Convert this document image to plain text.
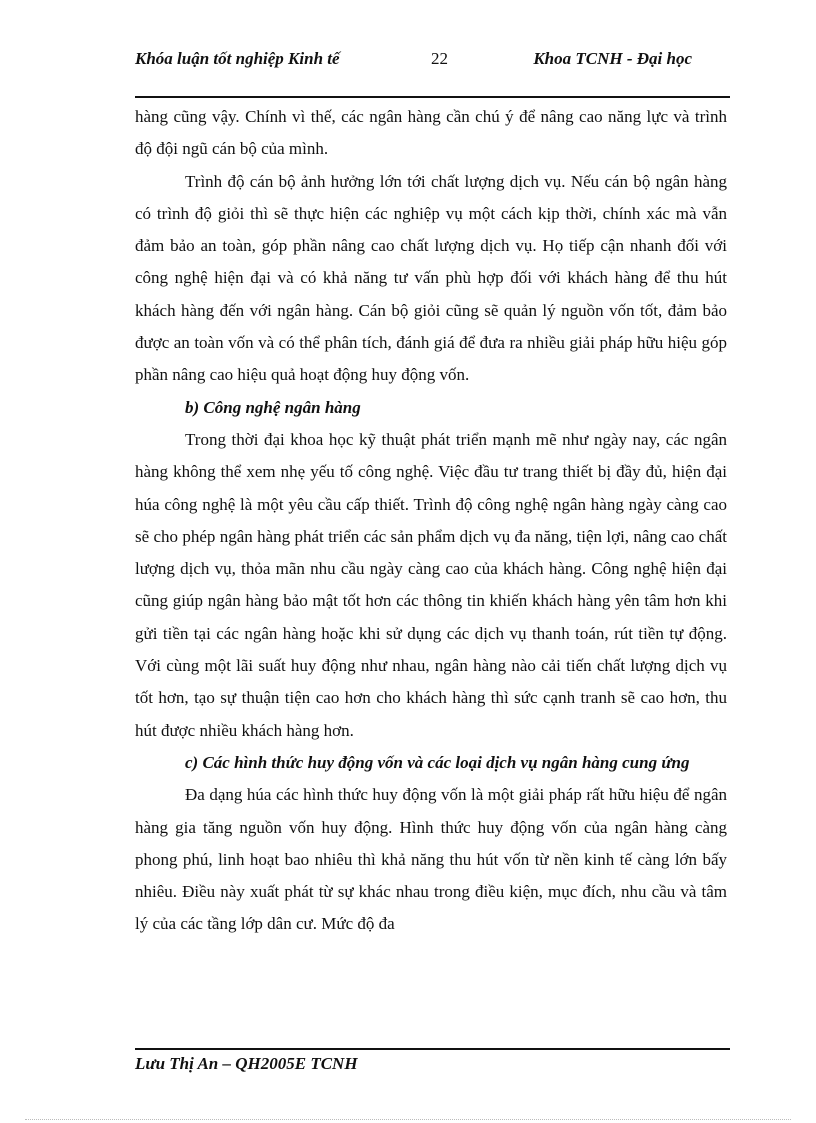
Khóa luận tốt nghiệp Kinh tế	22	Khoa TCNH - Đại học

hàng cũng vậy. Chính vì thế, các ngân hàng cần chú ý để nâng cao năng lực và trình độ đội ngũ cán bộ của mình.

Trình độ cán bộ ảnh hưởng lớn tới chất lượng dịch vụ. Nếu cán bộ ngân hàng có trình độ giỏi thì sẽ thực hiện các nghiệp vụ một cách kịp thời, chính xác mà vẫn đảm bảo an toàn, góp phần nâng cao chất lượng dịch vụ. Họ tiếp cận nhanh đối với công nghệ hiện đại và có khả năng tư vấn phù hợp đối với khách hàng để thu hút khách hàng đến với ngân hàng. Cán bộ giỏi cũng sẽ quản lý nguồn vốn tốt, đảm bảo được an toàn vốn và có thể phân tích, đánh giá để đưa ra nhiều giải pháp hữu hiệu góp phần nâng cao hiệu quả hoạt động huy động vốn.

b) Công nghệ ngân hàng

Trong thời đại khoa học kỹ thuật phát triển mạnh mẽ như ngày nay, các ngân hàng không thể xem nhẹ yếu tố công nghệ. Việc đầu tư trang thiết bị đầy đủ, hiện đại húa công nghệ là một yêu cầu cấp thiết. Trình độ công nghệ ngân hàng ngày càng cao sẽ cho phép ngân hàng phát triển các sản phẩm dịch vụ đa năng, tiện lợi, nâng cao chất lượng dịch vụ, thỏa mãn nhu cầu ngày càng cao của khách hàng. Công nghệ hiện đại cũng giúp ngân hàng bảo mật tốt hơn các thông tin khiến khách hàng yên tâm hơn khi gửi tiền tại các ngân hàng hoặc khi sử dụng các dịch vụ thanh toán, rút tiền tự động. Với cùng một lãi suất huy động như nhau, ngân hàng nào cải tiến chất lượng dịch vụ tốt hơn, tạo sự thuận tiện cao hơn cho khách hàng thì sức cạnh tranh sẽ cao hơn, thu hút được nhiều khách hàng hơn.

c) Các hình thức huy động vốn và các loại dịch vụ ngân hàng cung ứng

Đa dạng húa các hình thức huy động vốn là một giải pháp rất hữu hiệu để ngân hàng gia tăng nguồn vốn huy động. Hình thức huy động vốn của ngân hàng càng phong phú, linh hoạt bao nhiêu thì khả năng thu hút vốn từ nền kinh tế càng lớn bấy nhiêu. Điều này xuất phát từ sự khác nhau trong điều kiện, mục đích, nhu cầu và tâm lý của các tầng lớp dân cư. Mức độ đa

Lưu Thị An – QH2005E TCNH
